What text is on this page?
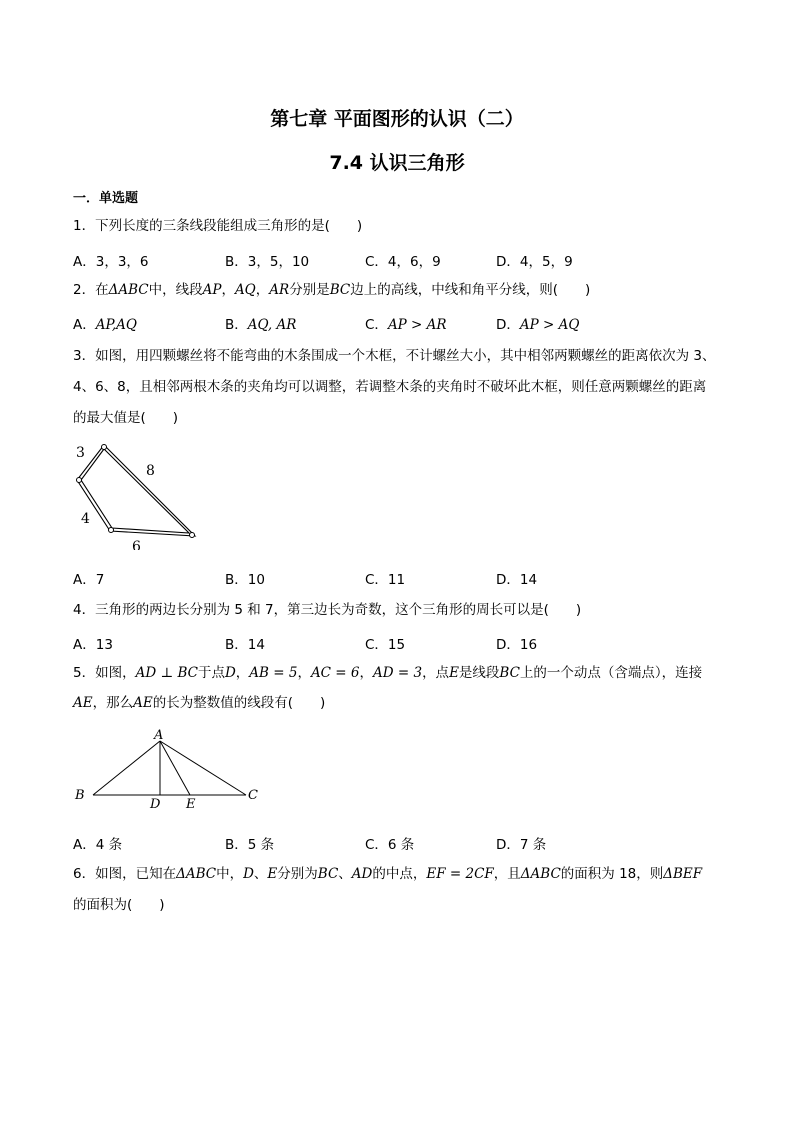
第七章 平面图形的认识（二）
7.4 认识三角形
一．单选题
1．下列长度的三条线段能组成三角形的是(　　)
A．3，3，6	B．3，5，10	C．4，6，9	D．4，5，9
2．在ΔABC中，线段AP，AQ，AR分别是BC边上的高线，中线和角平分线，则(　　)
A．AP,AQ	B．AQ, AR	C．AP > AR	D．AP > AQ
3．如图，用四颗螺丝将不能弯曲的木条围成一个木框，不计螺丝大小，其中相邻两颗螺丝的距离依次为 3、
4、6、8，且相邻两根木条的夹角均可以调整，若调整木条的夹角时不破坏此木框，则任意两颗螺丝的距离
的最大值是(　　)
3
8
4
6
A．7	B．10	C．11	D．14
4．三角形的两边长分别为 5 和 7，第三边长为奇数，这个三角形的周长可以是(　　)
A．13	B．14	C．15	D．16
5．如图，AD ⊥ BC于点D，AB = 5，AC = 6，AD = 3，点E是线段BC上的一个动点（含端点），连接
AE，那么AE的长为整数值的线段有(　　)
A
B
D E
C
A．4 条	B．5 条	C．6 条	D．7 条
6．如图，已知在ΔABC中，D、E分别为BC、AD的中点，EF = 2CF，且ΔABC的面积为 18，则ΔBEF
的面积为(　　)
